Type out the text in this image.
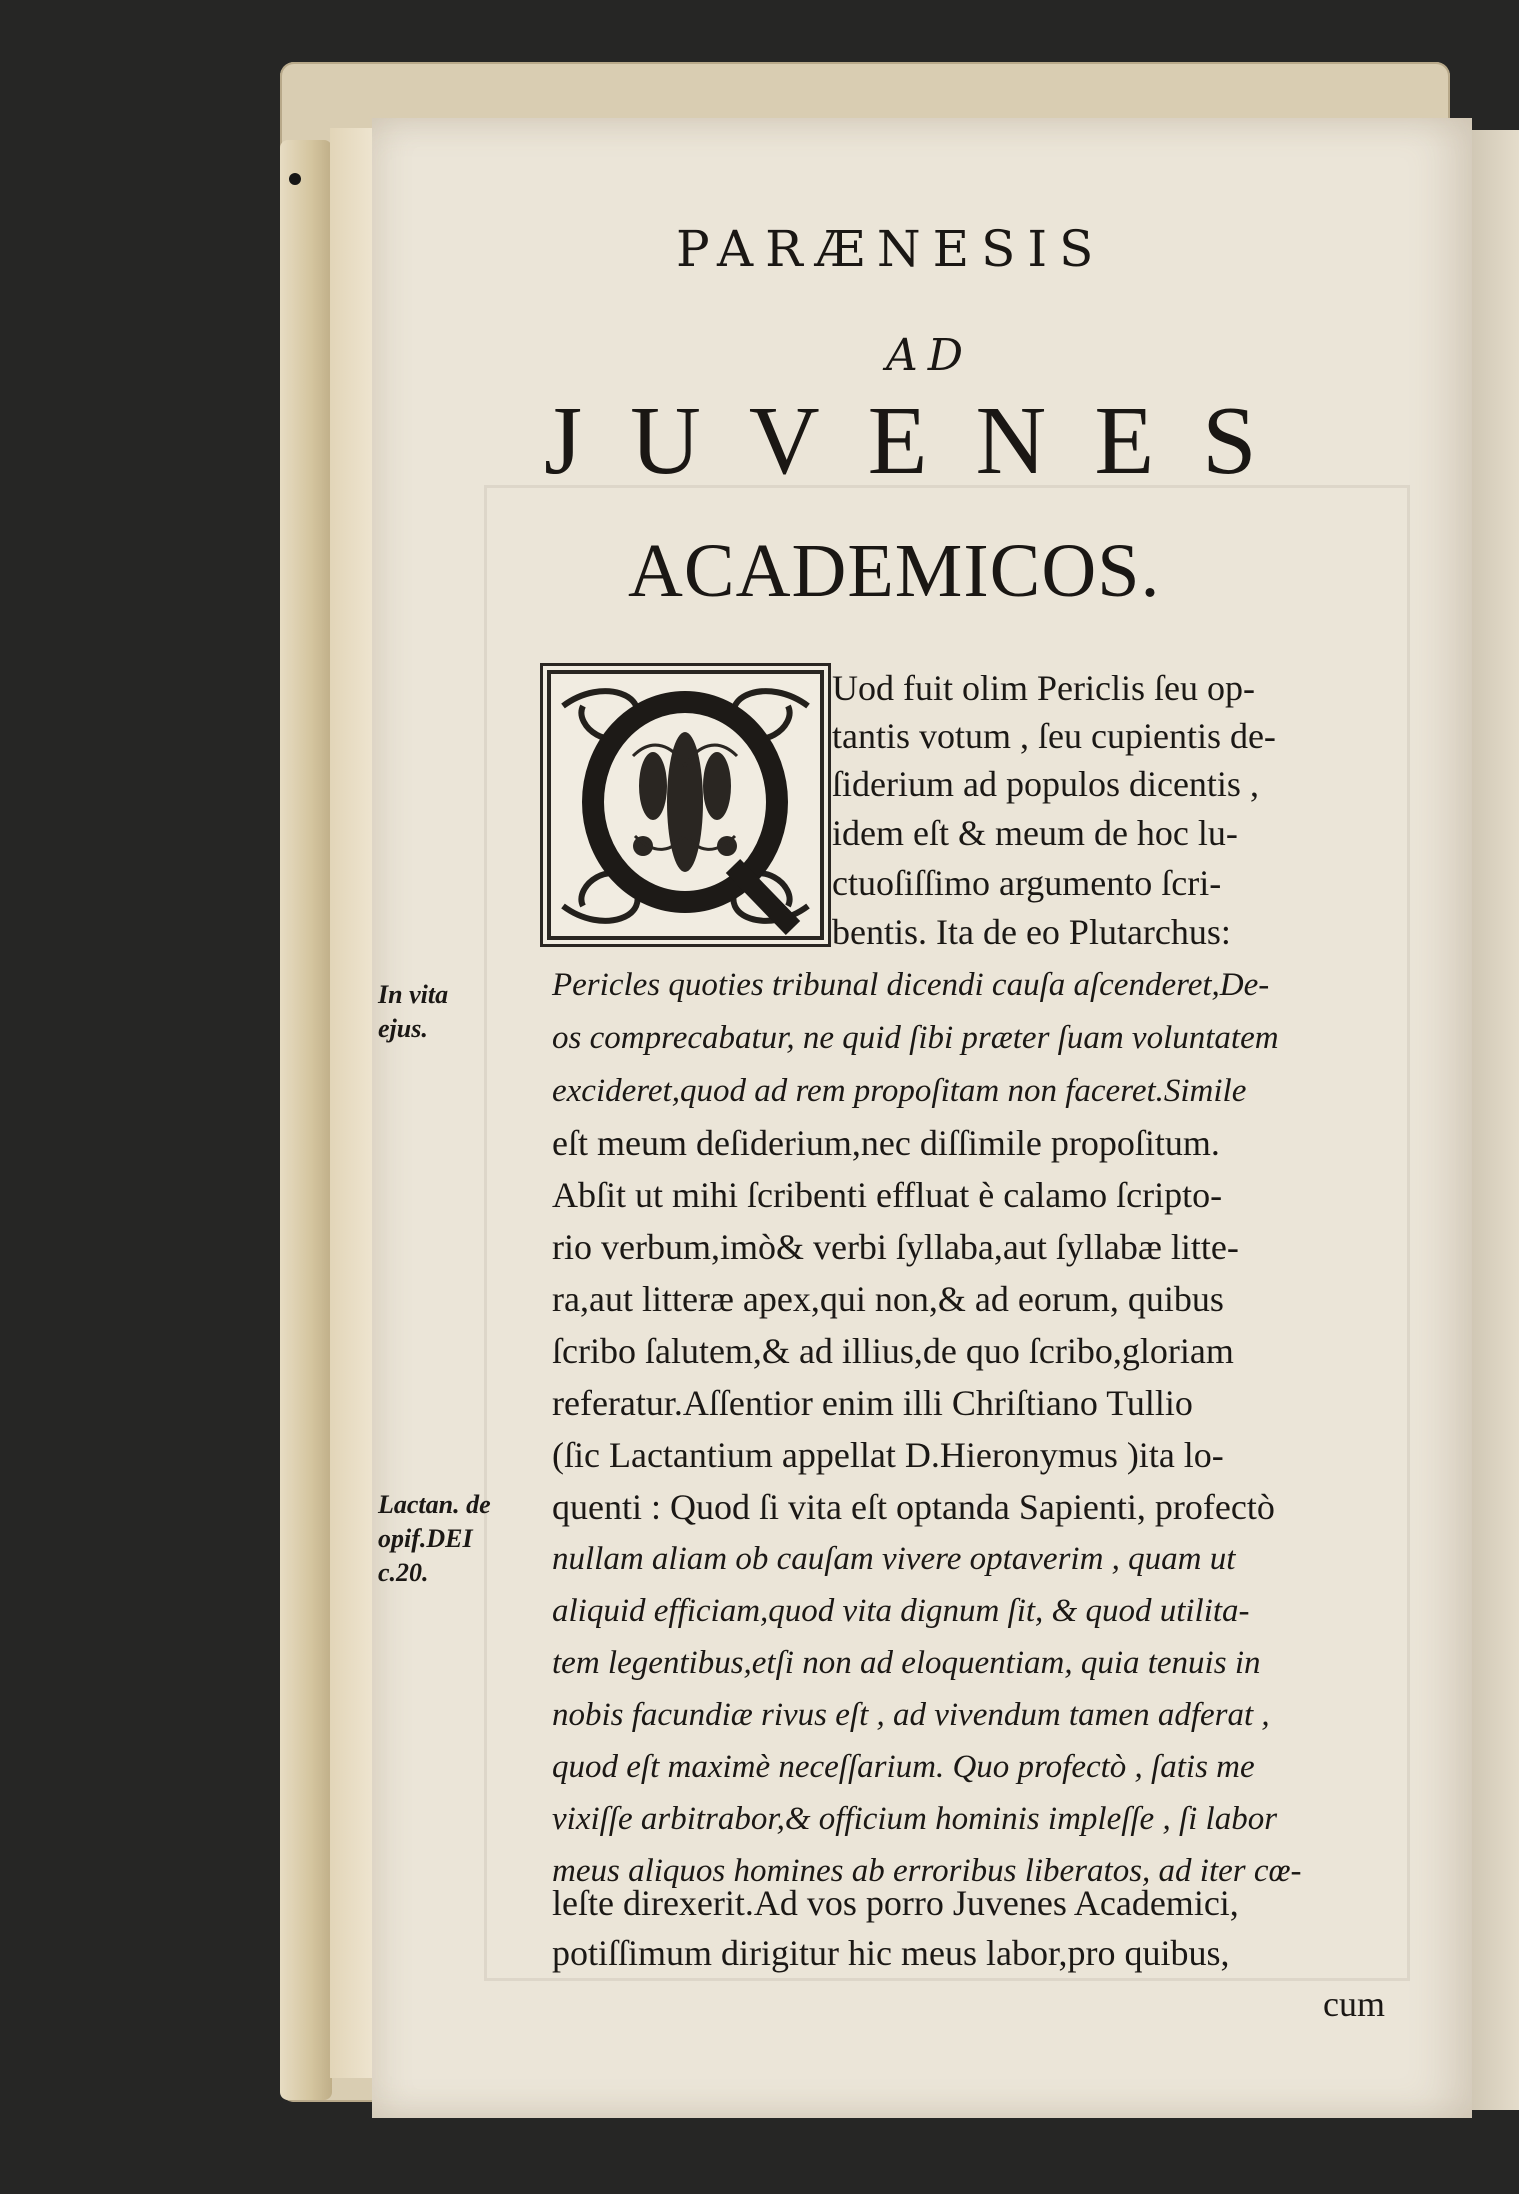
PARÆNESIS
AD
JUVENES
ACADEMICOS.
Uod fuit olim Periclis ſeu op-
tantis votum , ſeu cupientis de-
ſiderium ad populos dicentis ,
idem eſt & meum de hoc lu-
ctuoſiſſimo argumento ſcri-
bentis. Ita de eo Plutarchus:
Pericles quoties tribunal dicendi cauſa aſcenderet,De-
os comprecabatur, ne quid ſibi præter ſuam voluntatem
excideret,quod ad rem propoſitam non faceret.Simile
eſt meum deſiderium,nec diſſimile propoſitum.
Abſit ut mihi ſcribenti effluat è calamo ſcripto-
rio verbum,imò& verbi ſyllaba,aut ſyllabæ litte-
ra,aut litteræ apex,qui non,& ad eorum, quibus
ſcribo ſalutem,& ad illius,de quo ſcribo,gloriam
referatur.Aſſentior enim illi Chriſtiano Tullio
(ſic Lactantium appellat D.Hieronymus )ita lo-
quenti : Quod ſi vita eſt optanda Sapienti, profectò
nullam aliam ob cauſam vivere optaverim , quam ut
aliquid efficiam,quod vita dignum ſit, & quod utilita-
tem legentibus,etſi non ad eloquentiam, quia tenuis in
nobis facundiæ rivus eſt , ad vivendum tamen adferat ,
quod eſt maximè neceſſarium. Quo profectò , ſatis me
vixiſſe arbitrabor,& officium hominis impleſſe , ſi labor
meus aliquos homines ab erroribus liberatos, ad iter cœ-
leſte direxerit.Ad vos porro Juvenes Academici,
potiſſimum dirigitur hic meus labor,pro quibus,
cum
In vita
ejus.
Lactan. de
opif.DEI
c.20.
